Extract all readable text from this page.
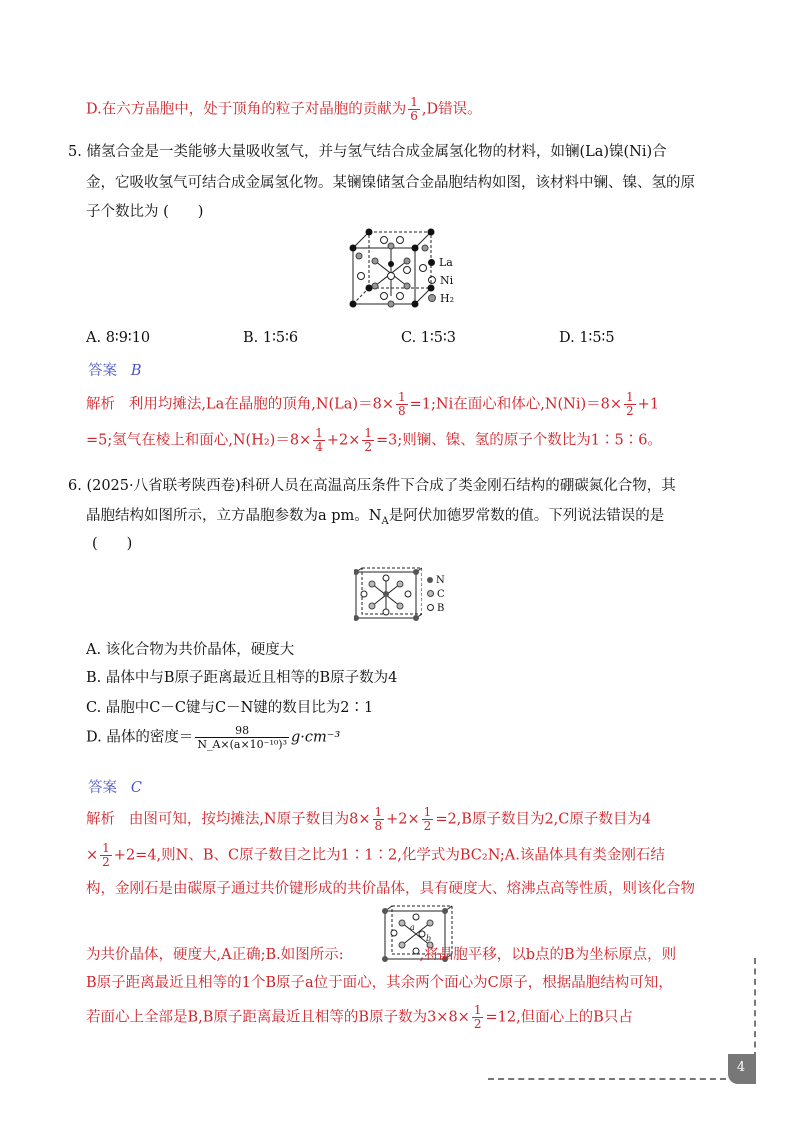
D.在六方晶胞中，处于顶角的粒子对晶胞的贡献为 $\frac{1}{6} ,D$错误。
5. 储氢合金是一类能够大量吸收氢气，并与氢气结合成金属氢化物的材料，如镧(La)镍(Ni)合
金，它吸收氢气可结合成金属氢化物。某镧镍储氢合金晶胞结构如图，该材料中镧、镍、氢的原
子个数比为 (　　)
La
Ni
H₂
A. 8∶9∶10	B. 1∶5∶6	C. 1∶5∶3	D. 1∶5∶5
答案 B
解析 利用均摊法,La在晶胞的顶角$,N(La)=8\times \frac{1}{8}$ =1;Ni在面心和体心$,N(Ni)=8\times \frac{1}{2} +1$
=5;氢气在棱上和面心$,N(H_2)=8\times \frac{1}{4} +2\times \frac{1}{2} =3$;则镧、镍、氢的原子个数比为1∶5∶6。
6. (2025·八省联考陕西卷)科研人员在高温高压条件下合成了类金刚石结构的硼碳氮化合物，其
晶胞结构如图所示，立方晶胞参数为a pm。$N_A$是阿伏加德罗常数的值。下列说法错误的是
(　　)
N
C
B
A. 该化合物为共价晶体，硬度大
B. 晶体中与B原子距离最近且相等的B原子数为4
C. 晶胞中C－C键与C－N键的数目比为2∶1
D. 晶体的密度＝ $\frac{98}{\text{N\_A×(a×10⁻¹⁰)³}} g\cdot cm^{-3}$
答案 C
解析 由图可知，按均摊法,N原子数目为$8\times \frac{1}{8} +2\times \frac{1}{2} =2,B$原子数目为2,C原子数目为4
× $\frac{1}{2} +2=4$,则N、B、C原子数目之比为1∶1∶2,化学式为BC₂N;A.该晶体具有类金刚石结
构，金刚石是由碳原子通过共价键形成的共价晶体，具有硬度大、熔沸点高等性质，则该化合物
a
b
为共价晶体，硬度大,A正确;B.如图所示:	,将晶胞平移，以b点的B为坐标原点，则
B原子距离最近且相等的1个B原子a位于面心，其余两个面心为C原子，根据晶胞结构可知，
若面心上全部是B,B原子距离最近且相等的B原子数为$3\times 8\times \frac{1}{2} =12$,但面心上的B只占
4
